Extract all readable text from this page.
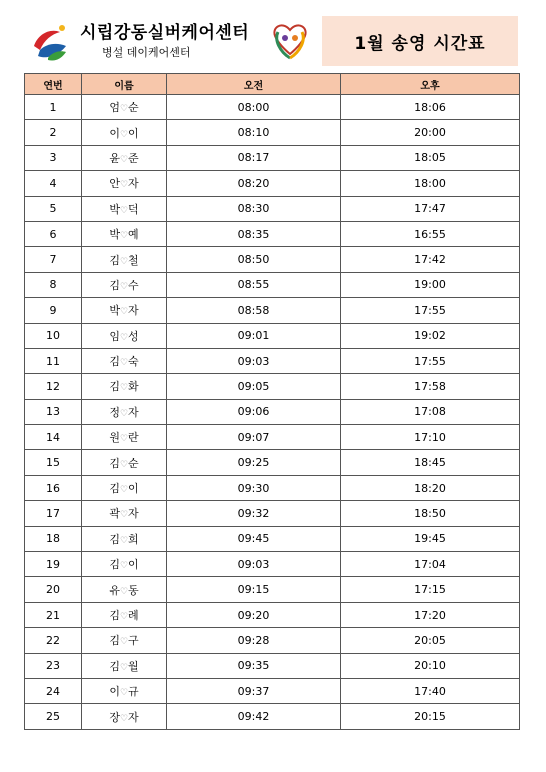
시립강동실버케어센터
병설 데이케어센터	1월 송영 시간표
연번	이름	오전	오후
1	엄♡순	08:00	18:06
2	이♡이	08:10	20:00
3	윤♡준	08:17	18:05
4	안♡자	08:20	18:00
5	박♡덕	08:30	17:47
6	박♡예	08:35	16:55
7	김♡철	08:50	17:42
8	김♡수	08:55	19:00
9	박♡자	08:58	17:55
10	임♡성	09:01	19:02
11	김♡숙	09:03	17:55
12	김♡화	09:05	17:58
13	정♡자	09:06	17:08
14	원♡란	09:07	17:10
15	김♡순	09:25	18:45
16	김♡이	09:30	18:20
17	곽♡자	09:32	18:50
18	김♡희	09:45	19:45
19	김♡이	09:03	17:04
20	유♡동	09:15	17:15
21	김♡례	09:20	17:20
22	김♡구	09:28	20:05
23	김♡월	09:35	20:10
24	이♡규	09:37	17:40
25	장♡자	09:42	20:15
